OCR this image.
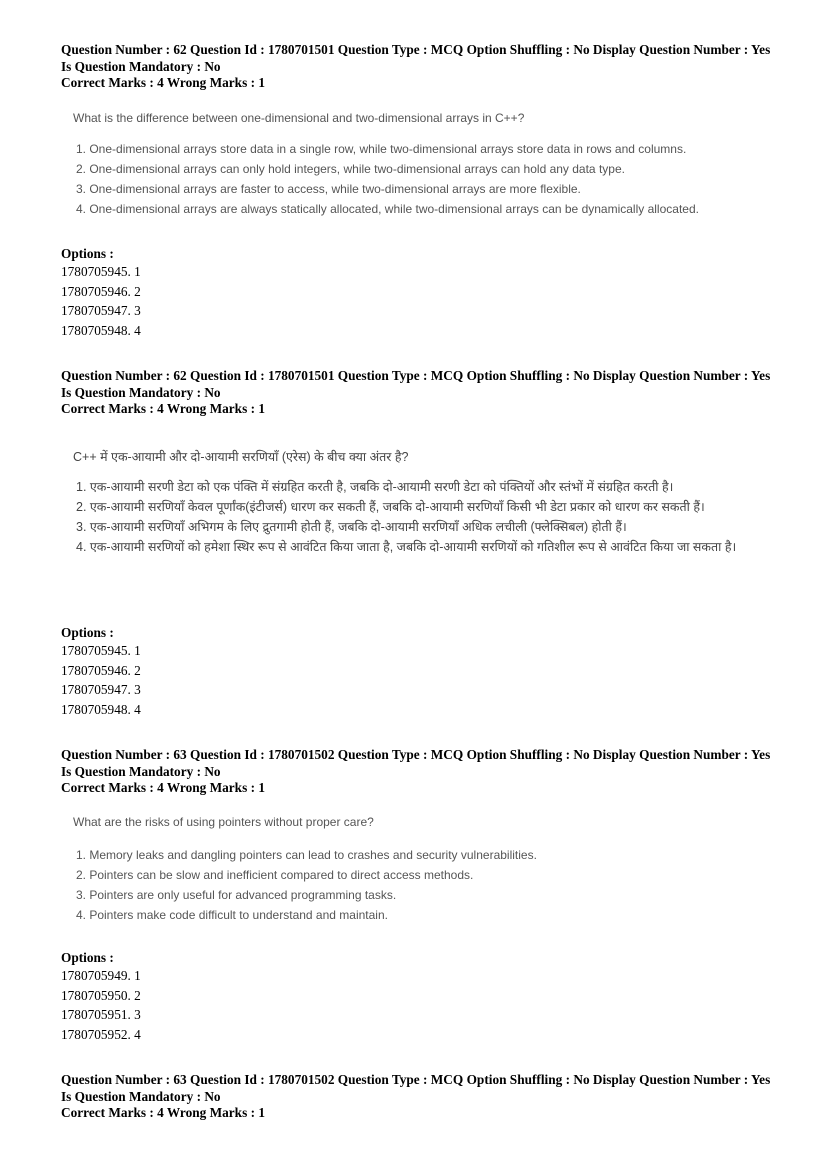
Question Number : 62 Question Id : 1780701501 Question Type : MCQ Option Shuffling : No Display Question Number : Yes

Is Question Mandatory : No

Correct Marks : 4 Wrong Marks : 1

What is the difference between one-dimensional and two-dimensional arrays in C++?

1. One-dimensional arrays store data in a single row, while two-dimensional arrays store data in rows and columns.
2. One-dimensional arrays can only hold integers, while two-dimensional arrays can hold any data type.
3. One-dimensional arrays are faster to access, while two-dimensional arrays are more flexible.
4. One-dimensional arrays are always statically allocated, while two-dimensional arrays can be dynamically allocated.

Options :

1780705945. 1

1780705946. 2

1780705947. 3

1780705948. 4

Question Number : 62 Question Id : 1780701501 Question Type : MCQ Option Shuffling : No Display Question Number : Yes

Is Question Mandatory : No

Correct Marks : 4 Wrong Marks : 1

C++ में एक-आयामी और दो-आयामी सरणियाँ (एरेस) के बीच क्या अंतर है?

1. एक-आयामी सरणी डेटा को एक पंक्ति में संग्रहित करती है, जबकि दो-आयामी सरणी डेटा को पंक्तियों और स्तंभों में संग्रहित करती है।
2. एक-आयामी सरणियाँ केवल पूर्णांक(इंटीजर्स) धारण कर सकती हैं, जबकि दो-आयामी सरणियाँ किसी भी डेटा प्रकार को धारण कर सकती हैं।
3. एक-आयामी सरणियाँ अभिगम के लिए द्रुतगामी होती हैं, जबकि दो-आयामी सरणियाँ अधिक लचीली (फ्लेक्सिबल) होती हैं।
4. एक-आयामी सरणियों को हमेशा स्थिर रूप से आवंटित किया जाता है, जबकि दो-आयामी सरणियों को गतिशील रूप से आवंटित किया जा सकता है।

Options :

1780705945. 1

1780705946. 2

1780705947. 3

1780705948. 4

Question Number : 63 Question Id : 1780701502 Question Type : MCQ Option Shuffling : No Display Question Number : Yes

Is Question Mandatory : No

Correct Marks : 4 Wrong Marks : 1

What are the risks of using pointers without proper care?

1. Memory leaks and dangling pointers can lead to crashes and security vulnerabilities.
2. Pointers can be slow and inefficient compared to direct access methods.
3. Pointers are only useful for advanced programming tasks.
4. Pointers make code difficult to understand and maintain.

Options :

1780705949. 1

1780705950. 2

1780705951. 3

1780705952. 4

Question Number : 63 Question Id : 1780701502 Question Type : MCQ Option Shuffling : No Display Question Number : Yes

Is Question Mandatory : No

Correct Marks : 4 Wrong Marks : 1
